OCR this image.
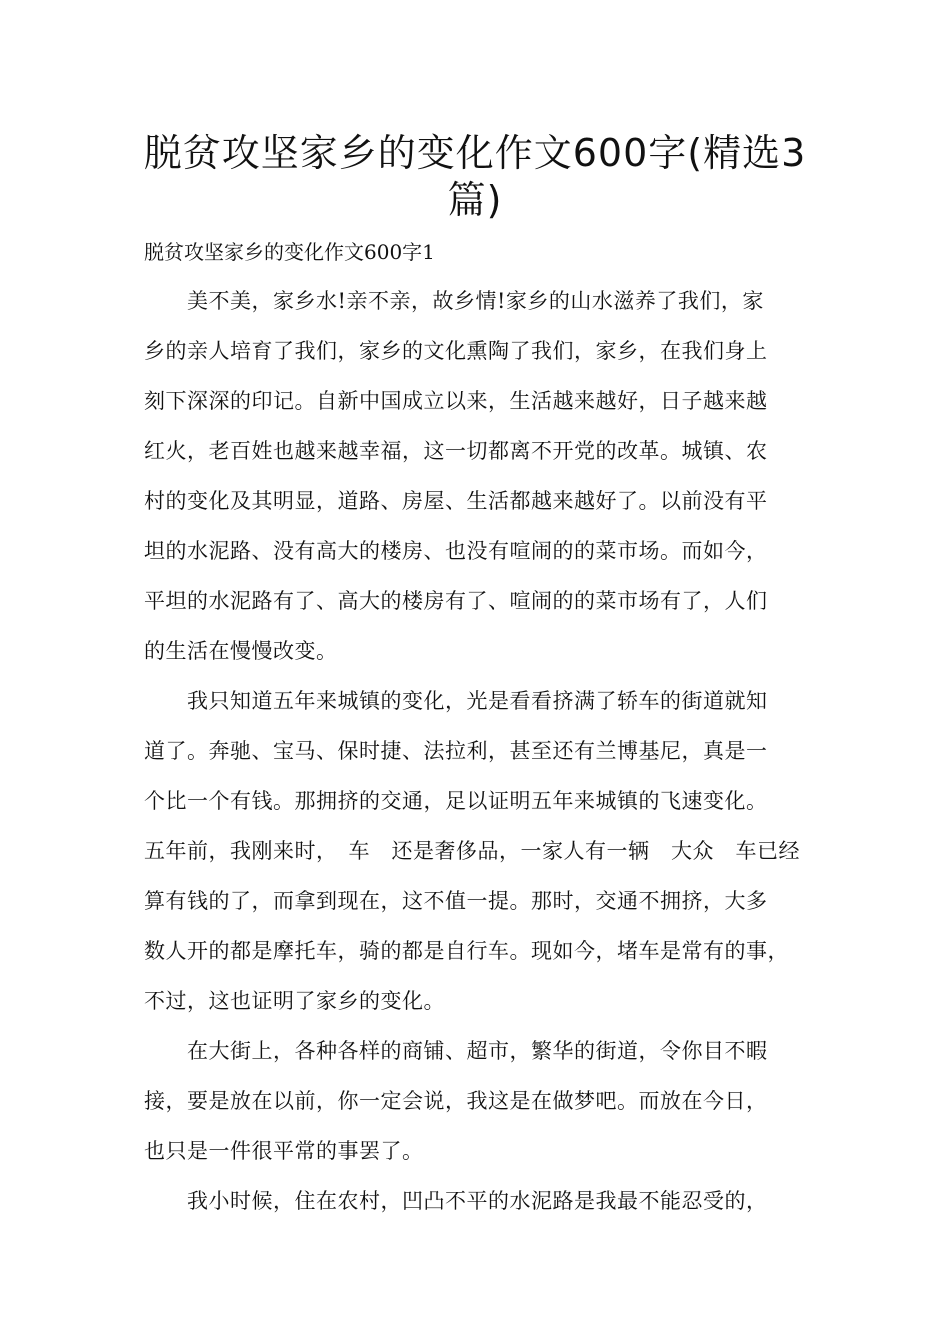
脱贫攻坚家乡的变化作文600字(精选3
篇)

脱贫攻坚家乡的变化作文600字1

　　美不美，家乡水!亲不亲，故乡情!家乡的山水滋养了我们，家

乡的亲人培育了我们，家乡的文化熏陶了我们，家乡，在我们身上

刻下深深的印记。自新中国成立以来，生活越来越好，日子越来越

红火，老百姓也越来越幸福，这一切都离不开党的改革。城镇、农

村的变化及其明显，道路、房屋、生活都越来越好了。以前没有平

坦的水泥路、没有高大的楼房、也没有喧闹的的菜市场。而如今，

平坦的水泥路有了、高大的楼房有了、喧闹的的菜市场有了，人们

的生活在慢慢改变。

　　我只知道五年来城镇的变化，光是看看挤满了轿车的街道就知

道了。奔驰、宝马、保时捷、法拉利，甚至还有兰博基尼，真是一

个比一个有钱。那拥挤的交通，足以证明五年来城镇的飞速变化。

五年前，我刚来时，　车　还是奢侈品，一家人有一辆　大众　车已经

算有钱的了，而拿到现在，这不值一提。那时，交通不拥挤，大多

数人开的都是摩托车，骑的都是自行车。现如今，堵车是常有的事，

不过，这也证明了家乡的变化。

　　在大街上，各种各样的商铺、超市，繁华的街道，令你目不暇

接，要是放在以前，你一定会说，我这是在做梦吧。而放在今日，

也只是一件很平常的事罢了。

　　我小时候，住在农村，凹凸不平的水泥路是我最不能忍受的，
